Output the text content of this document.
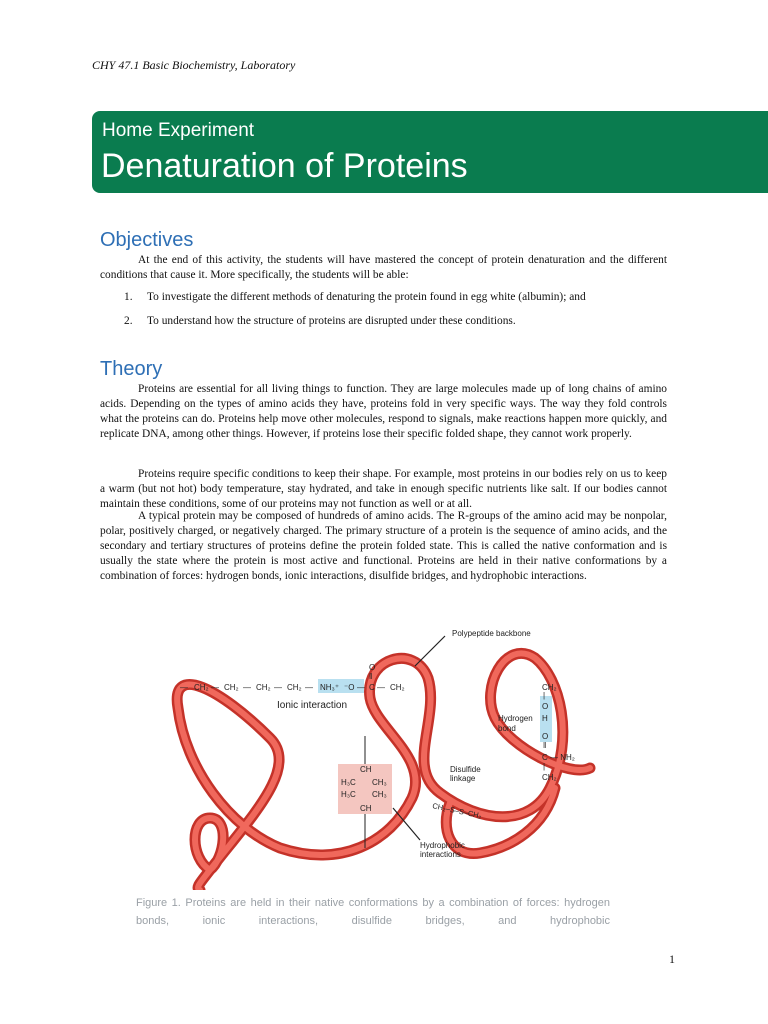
CHY 47.1 Basic Biochemistry, Laboratory
Home Experiment
Denaturation of Proteins
Objectives

At the end of this activity, the students will have mastered the concept of protein denaturation and the different conditions that cause it. More specifically, the students will be able:

1. To investigate the different methods of denaturing the protein found in egg white (albumin); and
2. To understand how the structure of proteins are disrupted under these conditions.
Theory

Proteins are essential for all living things to function. They are large molecules made up of long chains of amino acids. Depending on the types of amino acids they have, proteins fold in very specific ways. The way they fold controls what the proteins can do. Proteins help move other molecules, respond to signals, make reactions happen more quickly, and replicate DNA, among other things. However, if proteins lose their specific folded shape, they cannot work properly.

Proteins require specific conditions to keep their shape. For example, most proteins in our bodies rely on us to keep a warm (but not hot) body temperature, stay hydrated, and take in enough specific nutrients like salt. If our bodies cannot maintain these conditions, some of our proteins may not function as well or at all.

A typical protein may be composed of hundreds of amino acids. The R-groups of the amino acid may be nonpolar, polar, positively charged, or negatively charged. The primary structure of a protein is the sequence of amino acids, and the secondary and tertiary structures of proteins define the protein folded state. This is called the native conformation and is usually the state where the protein is most active and functional. Proteins are held in their native conformations by a combination of forces: hydrogen bonds, ionic interactions, disulfide bridges, and hydrophobic interactions.

— CH₂ — CH₂ — CH₂ — CH₂ — NH₃⁺ ⁻O —
O
‖
C — CH₂
Ionic interaction
Polypeptide backbone
CH₂
|
O
H
O
‖
C — NH₂
|
CH₂
Hydrogen
bond
CH
H₃C CH₃
H₃C CH₃
CH
Hydrophobic
interactions
Disulfide
linkage
CH₂–S–S–CH₂

Figure 1. Proteins are held in their native conformations by a combination of forces: hydrogen bonds, ionic interactions, disulfide bridges, and hydrophobic

1
